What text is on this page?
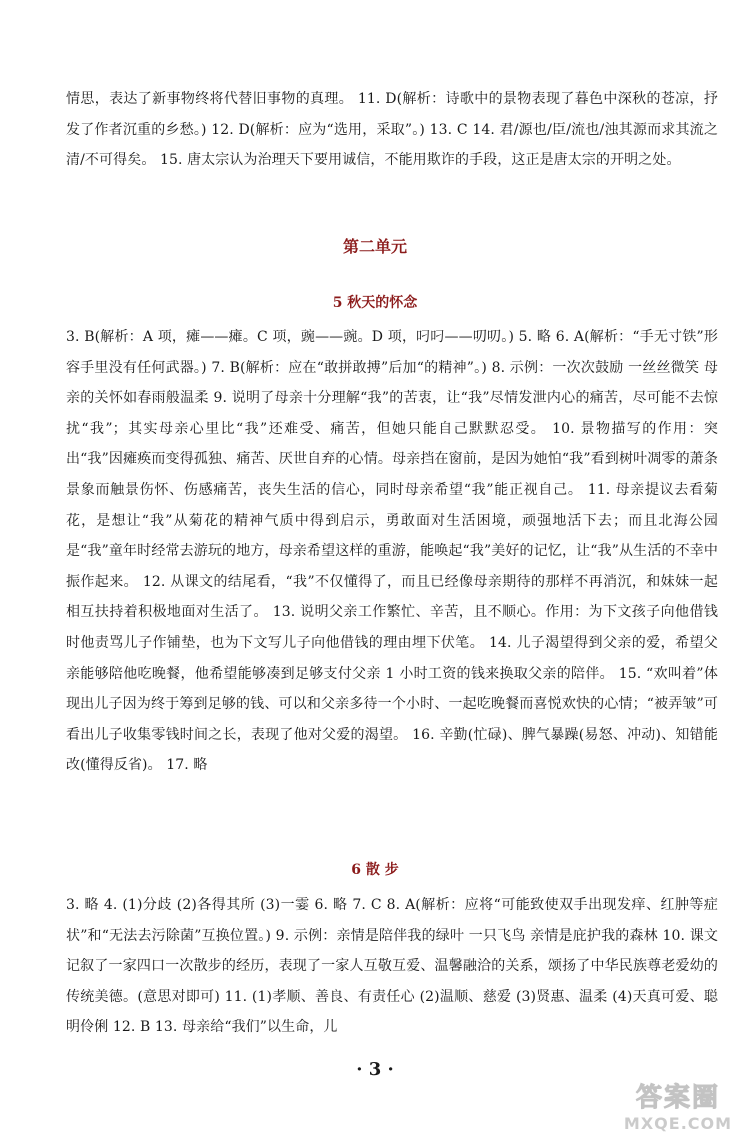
情思，表达了新事物终将代替旧事物的真理。 11. D(解析：诗歌中的景物表现了暮色中深秋的苍凉，抒发了作者沉重的乡愁。) 12. D(解析：应为“选用，采取”。) 13. C 14. 君/源也/臣/流也/浊其源而求其流之清/不可得矣。 15. 唐太宗认为治理天下要用诚信，不能用欺诈的手段，这正是唐太宗的开明之处。

第二单元
5 秋天的怀念

3. B(解析：A 项，瘫——瘫。C 项，豌——豌。D 项，叼叼——叨叨。) 5. 略 6. A(解析：“手无寸铁”形容手里没有任何武器。) 7. B(解析：应在“敢拼敢搏”后加“的精神”。) 8. 示例：一次次鼓励 一丝丝微笑 母亲的关怀如春雨般温柔 9. 说明了母亲十分理解“我”的苦衷，让“我”尽情发泄内心的痛苦，尽可能不去惊扰“我”；其实母亲心里比“我”还难受、痛苦，但她只能自己默默忍受。 10. 景物描写的作用：突出“我”因瘫痪而变得孤独、痛苦、厌世自弃的心情。母亲挡在窗前，是因为她怕“我”看到树叶凋零的萧条景象而触景伤怀、伤感痛苦，丧失生活的信心，同时母亲希望“我”能正视自己。 11. 母亲提议去看菊花，是想让“我”从菊花的精神气质中得到启示，勇敢面对生活困境，顽强地活下去；而且北海公园是“我”童年时经常去游玩的地方，母亲希望这样的重游，能唤起“我”美好的记忆，让“我”从生活的不幸中振作起来。 12. 从课文的结尾看，“我”不仅懂得了，而且已经像母亲期待的那样不再消沉，和妹妹一起相互扶持着积极地面对生活了。 13. 说明父亲工作繁忙、辛苦，且不顺心。作用：为下文孩子向他借钱时他责骂儿子作铺垫，也为下文写儿子向他借钱的理由埋下伏笔。 14. 儿子渴望得到父亲的爱，希望父亲能够陪他吃晚餐，他希望能够凑到足够支付父亲 1 小时工资的钱来换取父亲的陪伴。 15. “欢叫着”体现出儿子因为终于筹到足够的钱、可以和父亲多待一个小时、一起吃晚餐而喜悦欢快的心情；“被弄皱”可看出儿子收集零钱时间之长，表现了他对父爱的渴望。 16. 辛勤(忙碌)、脾气暴躁(易怒、冲动)、知错能改(懂得反省)。 17. 略

6 散 步

3. 略 4. (1)分歧 (2)各得其所 (3)一霎 6. 略 7. C 8. A(解析：应将“可能致使双手出现发痒、红肿等症状”和“无法去污除菌”互换位置。) 9. 示例：亲情是陪伴我的绿叶 一只飞鸟 亲情是庇护我的森林 10. 课文记叙了一家四口一次散步的经历，表现了一家人互敬互爱、温馨融洽的关系，颂扬了中华民族尊老爱幼的传统美德。(意思对即可) 11. (1)孝顺、善良、有责任心 (2)温顺、慈爱 (3)贤惠、温柔 (4)天真可爱、聪明伶俐 12. B 13. 母亲给“我们”以生命，儿

· 3 ·
答案圈
MXQE.COM
